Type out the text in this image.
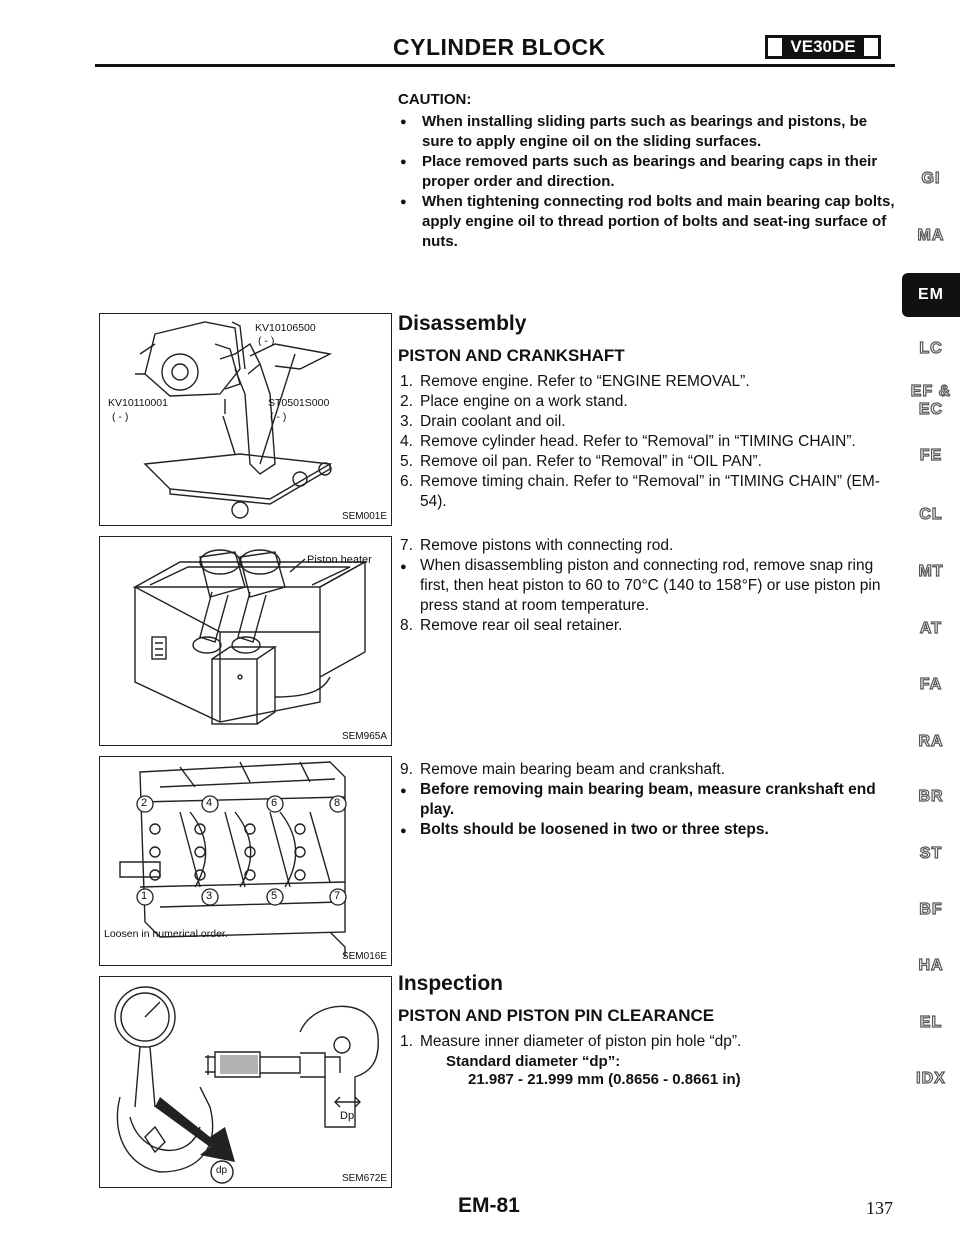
CYLINDER BLOCK	VE30DE
CAUTION:

● When installing sliding parts such as bearings and pistons, be sure to apply engine oil on the sliding surfaces.

● Place removed parts such as bearings and bearing caps in their proper order and direction.

● When tightening connecting rod bolts and main bearing cap bolts, apply engine oil to thread portion of bolts and seat-ing surface of nuts.

Disassembly
PISTON AND CRANKSHAFT
1. Remove engine. Refer to “ENGINE REMOVAL”.
2. Place engine on a work stand.
3. Drain coolant and oil.
4. Remove cylinder head. Refer to “Removal” in “TIMING CHAIN”.
5. Remove oil pan. Refer to “Removal” in “OIL PAN”.
6. Remove timing chain. Refer to “Removal” in “TIMING CHAIN” (EM-54).
7. Remove pistons with connecting rod.
● When disassembling piston and connecting rod, remove snap ring first, then heat piston to 60 to 70°C (140 to 158°F) or use piston pin press stand at room temperature.
8. Remove rear oil seal retainer.
9. Remove main bearing beam and crankshaft.
● Before removing main bearing beam, measure crankshaft end play.
● Bolts should be loosened in two or three steps.
Inspection
PISTON AND PISTON PIN CLEARANCE
1. Measure inner diameter of piston pin hole “dp”.
Standard diameter “dp”:
21.987 - 21.999 mm (0.8656 - 0.8661 in)
KV10106500
( - )
KV10110001
( - )
ST0501S000
( - )
SEM001E
Piston heater
SEM965A
2	4	6	8
1	3	5	7
Loosen in numerical order.
SEM016E
Dp
dp
SEM672E
GI
MA
EM
LC
EF & EC
FE
CL
MT
AT
FA
RA
BR
ST
BF
HA
EL
IDX
EM-81	137
